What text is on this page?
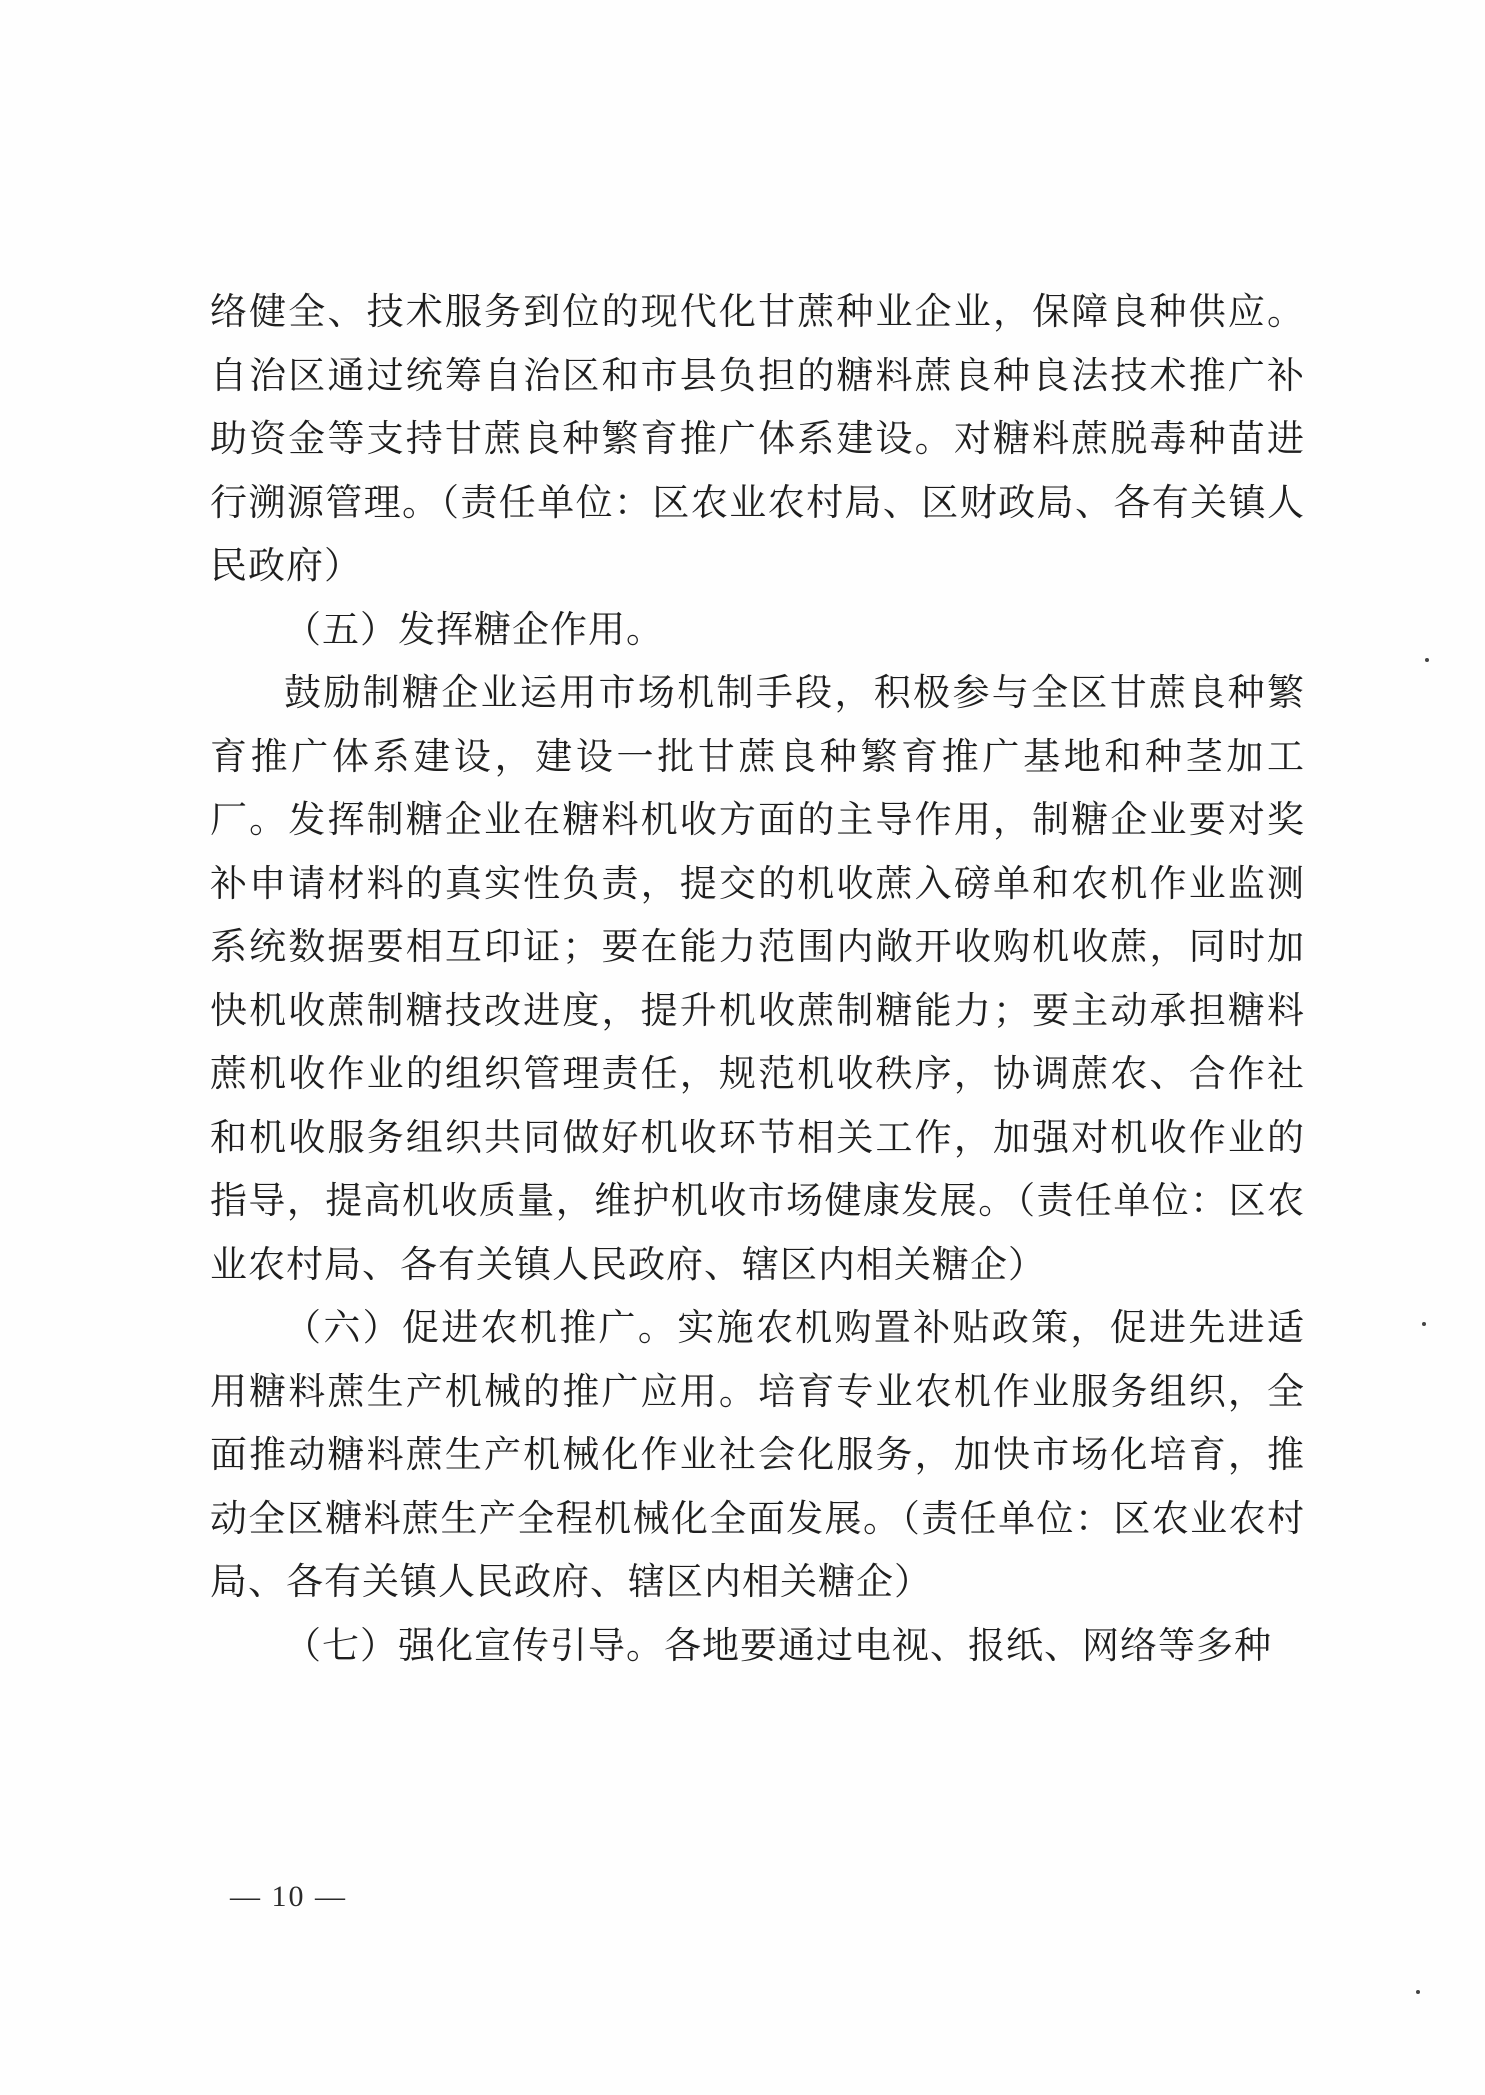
络健全、技术服务到位的现代化甘蔗种业企业，保障良种供应。自治区通过统筹自治区和市县负担的糖料蔗良种良法技术推广补助资金等支持甘蔗良种繁育推广体系建设。对糖料蔗脱毒种苗进行溯源管理。（责任单位：区农业农村局、区财政局、各有关镇人民政府）

（五）发挥糖企作用。

鼓励制糖企业运用市场机制手段，积极参与全区甘蔗良种繁育推广体系建设，建设一批甘蔗良种繁育推广基地和种茎加工厂。发挥制糖企业在糖料机收方面的主导作用，制糖企业要对奖补申请材料的真实性负责，提交的机收蔗入磅单和农机作业监测系统数据要相互印证；要在能力范围内敞开收购机收蔗，同时加快机收蔗制糖技改进度，提升机收蔗制糖能力；要主动承担糖料蔗机收作业的组织管理责任，规范机收秩序，协调蔗农、合作社和机收服务组织共同做好机收环节相关工作，加强对机收作业的指导，提高机收质量，维护机收市场健康发展。（责任单位：区农业农村局、各有关镇人民政府、辖区内相关糖企）

（六）促进农机推广。实施农机购置补贴政策，促进先进适用糖料蔗生产机械的推广应用。培育专业农机作业服务组织，全面推动糖料蔗生产机械化作业社会化服务，加快市场化培育，推动全区糖料蔗生产全程机械化全面发展。（责任单位：区农业农村局、各有关镇人民政府、辖区内相关糖企）

（七）强化宣传引导。各地要通过电视、报纸、网络等多种

— 10 —
